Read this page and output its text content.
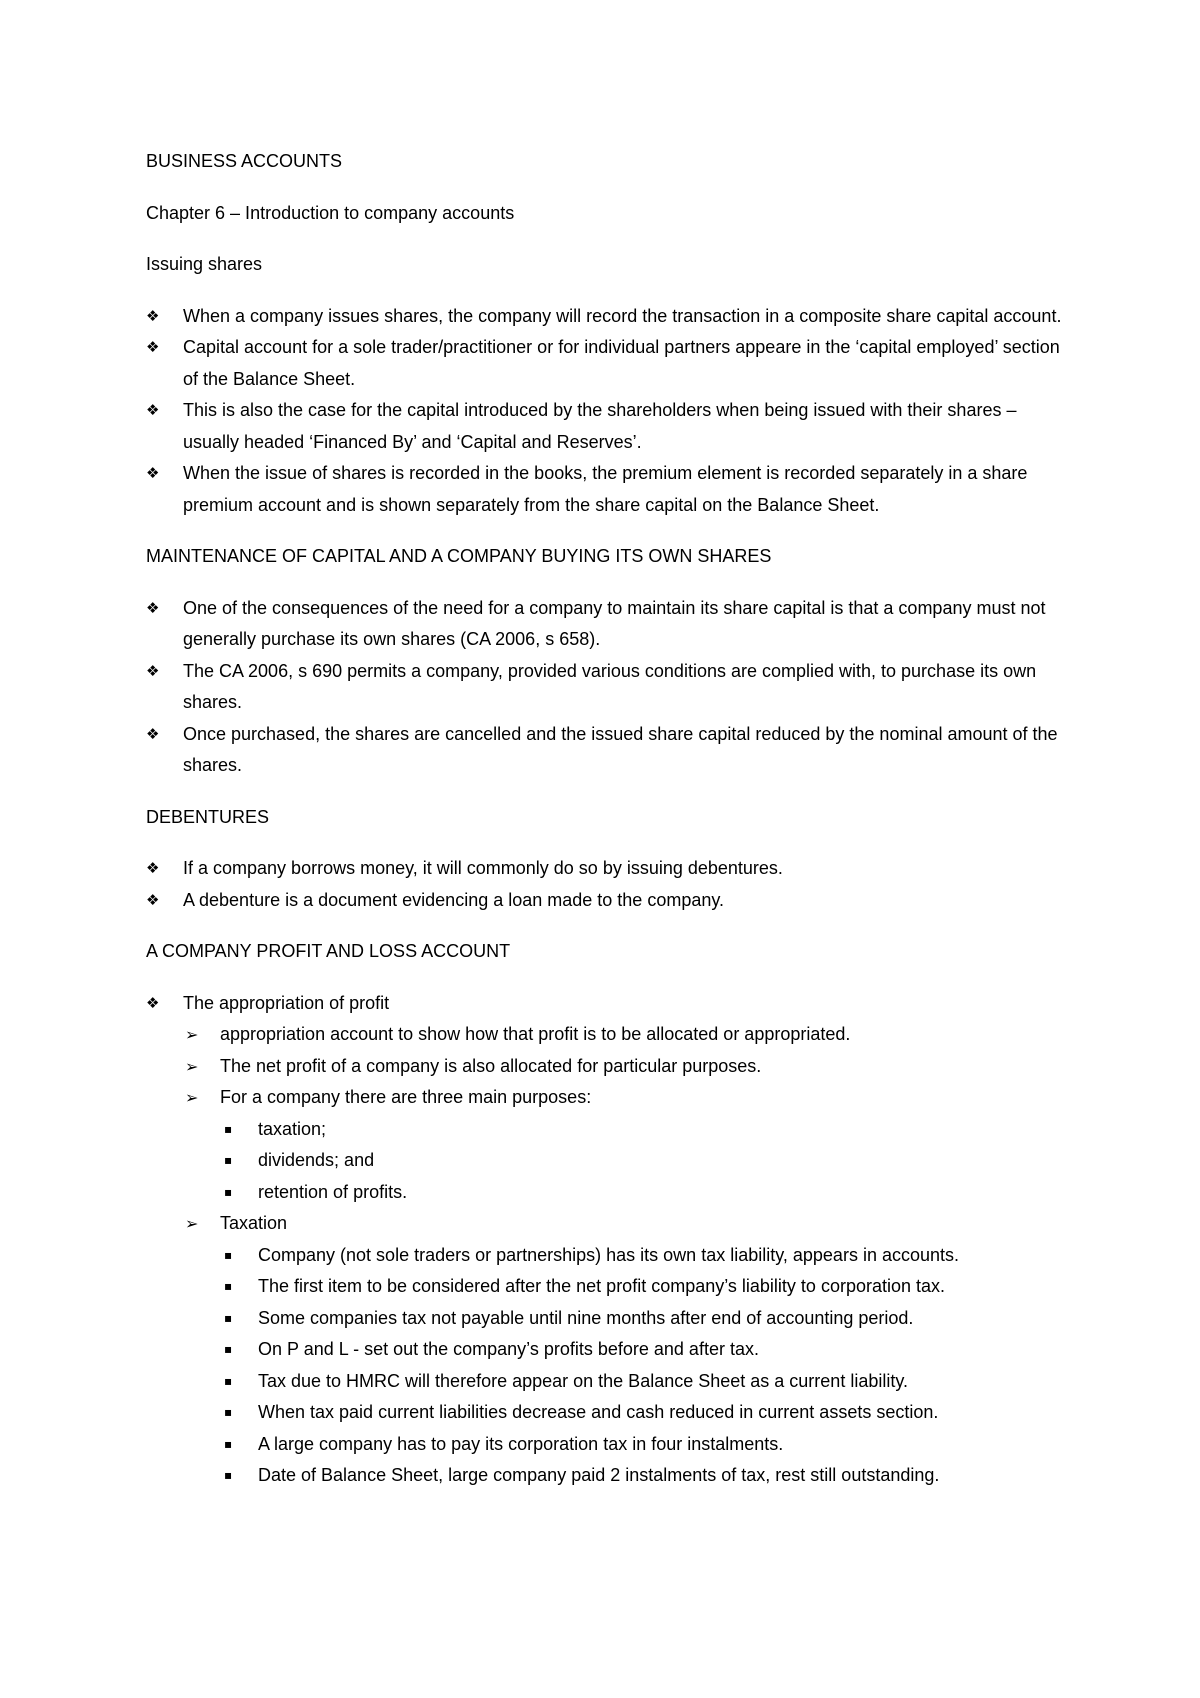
BUSINESS ACCOUNTS

Chapter 6 – Introduction to company accounts

Issuing shares

❖ When a company issues shares, the company will record the transaction in a composite share capital account.
❖ Capital account for a sole trader/practitioner or for individual partners appeare in the ‘capital employed’ section of the Balance Sheet.
❖ This is also the case for the capital introduced by the shareholders when being issued with their shares – usually headed ‘Financed By’ and ‘Capital and Reserves’.
❖ When the issue of shares is recorded in the books, the premium element is recorded separately in a share premium account and is shown separately from the share capital on the Balance Sheet.

MAINTENANCE OF CAPITAL AND A COMPANY BUYING ITS OWN SHARES

❖ One of the consequences of the need for a company to maintain its share capital is that a company must not generally purchase its own shares (CA 2006, s 658).
❖ The CA 2006, s 690 permits a company, provided various conditions are complied with, to purchase its own shares.
❖ Once purchased, the shares are cancelled and the issued share capital reduced by the nominal amount of the shares.

DEBENTURES

❖ If a company borrows money, it will commonly do so by issuing debentures.
❖ A debenture is a document evidencing a loan made to the company.

A COMPANY PROFIT AND LOSS ACCOUNT

❖ The appropriation of profit
➢ appropriation account to show how that profit is to be allocated or appropriated.
➢ The net profit of a company is also allocated for particular purposes.
➢ For a company there are three main purposes:
▪ taxation;
▪ dividends; and
▪ retention of profits.
➢ Taxation
▪ Company (not sole traders or partnerships) has its own tax liability, appears in accounts.
▪ The first item to be considered after the net profit company’s liability to corporation tax.
▪ Some companies tax not payable until nine months after end of accounting period.
▪ On P and L - set out the company’s profits before and after tax.
▪ Tax due to HMRC will therefore appear on the Balance Sheet as a current liability.
▪ When tax paid current liabilities decrease and cash reduced in current assets section.
▪ A large company has to pay its corporation tax in four instalments.
▪ Date of Balance Sheet, large company paid 2 instalments of tax, rest still outstanding.
